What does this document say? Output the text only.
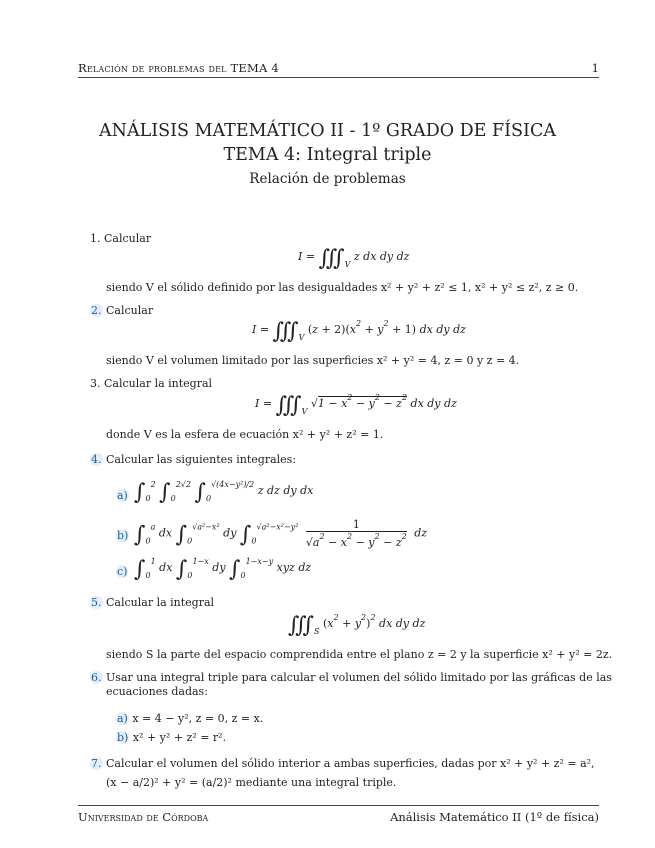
Relación de problemas del TEMA 4	1
ANÁLISIS MATEMÁTICO II - 1º GRADO DE FÍSICA
TEMA 4: Integral triple
Relación de problemas
1. Calcular
$I = ∭_V$ z dx dy dz
siendo V el sólido definido por las desigualdades x² + y² + z² ≤ 1, x² + y² ≤ z², z ≥ 0.
2. Calcular
$I = ∭_V$ $(z + 2)(x^2 + y^2 + 1)$ dx dy dz
siendo V el volumen limitado por las superficies x² + y² = 4, z = 0 y z = 4.
3. Calcular la integral
$I = ∭_V$ $√1 - x^2 - y^2 - z^2$ dx dy dz
donde V es la esfera de ecuación x² + y² + z² = 1.
4. Calcular las siguientes integrales:
a) $\int_0^2$ $\int_0^{2√2}$ $\int_0^{√(4x-y^2)/2}$ z dz dy dx
b) $\int_0^a$ dx $\int_0^{√a^2-x^2}$ dy $\int_0^{√a^2-x^2-y^2} \frac{1}{√a^2 - x^2 - y^2 - z^2}$ dz
c) $\int_0^1$ dx $\int_0^{1-x}$ dy $\int_0^{1-x-y}$ xyz dz
5. Calcular la integral
$∭_S$ $(x^2 + y^2)^2$ dx dy dz
siendo S la parte del espacio comprendida entre el plano z = 2 y la superficie x² + y² = 2z.
6. Usar una integral triple para calcular el volumen del sólido limitado por las gráficas de las
ecuaciones dadas:
a) x = 4 − y², z = 0, z = x.
b) x² + y² + z² = r².
7. Calcular el volumen del sólido interior a ambas superficies, dadas por x² + y² + z² = a²,
(x − a/2)² + y² = (a/2)² mediante una integral triple.
Universidad de Córdoba	Análisis Matemático II (1º de física)
